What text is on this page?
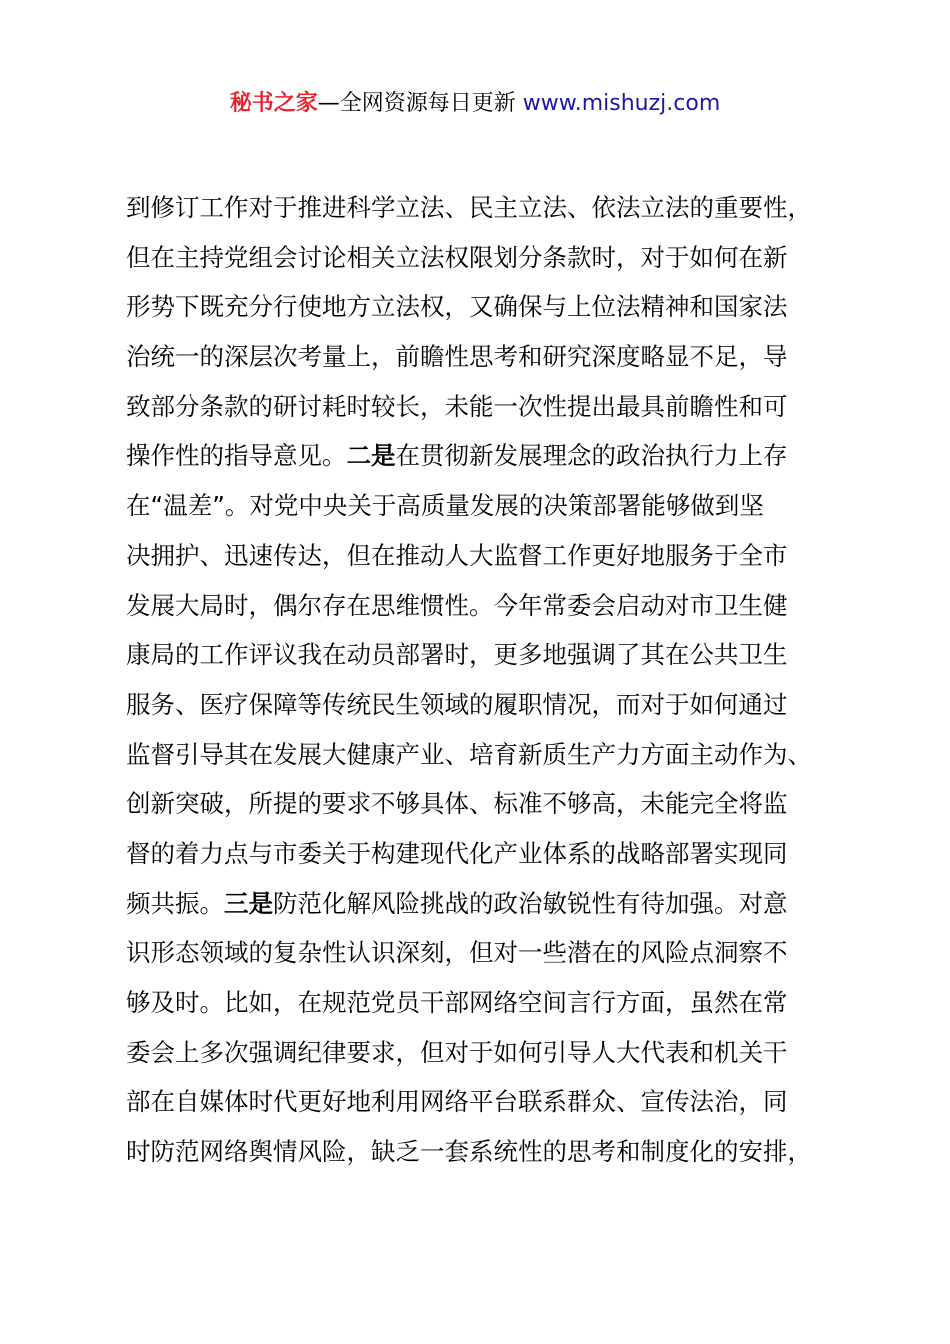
秘书之家—全网资源每日更新 www.mishuzj.com
到修订工作对于推进科学立法、民主立法、依法立法的重要性，
但在主持党组会讨论相关立法权限划分条款时，对于如何在新
形势下既充分行使地方立法权，又确保与上位法精神和国家法
治统一的深层次考量上，前瞻性思考和研究深度略显不足，导
致部分条款的研讨耗时较长，未能一次性提出最具前瞻性和可
操作性的指导意见。二是在贯彻新发展理念的政治执行力上存
在“温差”。对党中央关于高质量发展的决策部署能够做到坚
决拥护、迅速传达，但在推动人大监督工作更好地服务于全市
发展大局时，偶尔存在思维惯性。今年常委会启动对市卫生健
康局的工作评议我在动员部署时，更多地强调了其在公共卫生
服务、医疗保障等传统民生领域的履职情况，而对于如何通过
监督引导其在发展大健康产业、培育新质生产力方面主动作为、
创新突破，所提的要求不够具体、标准不够高，未能完全将监
督的着力点与市委关于构建现代化产业体系的战略部署实现同
频共振。三是防范化解风险挑战的政治敏锐性有待加强。对意
识形态领域的复杂性认识深刻，但对一些潜在的风险点洞察不
够及时。比如，在规范党员干部网络空间言行方面，虽然在常
委会上多次强调纪律要求，但对于如何引导人大代表和机关干
部在自媒体时代更好地利用网络平台联系群众、宣传法治，同
时防范网络舆情风险，缺乏一套系统性的思考和制度化的安排，
